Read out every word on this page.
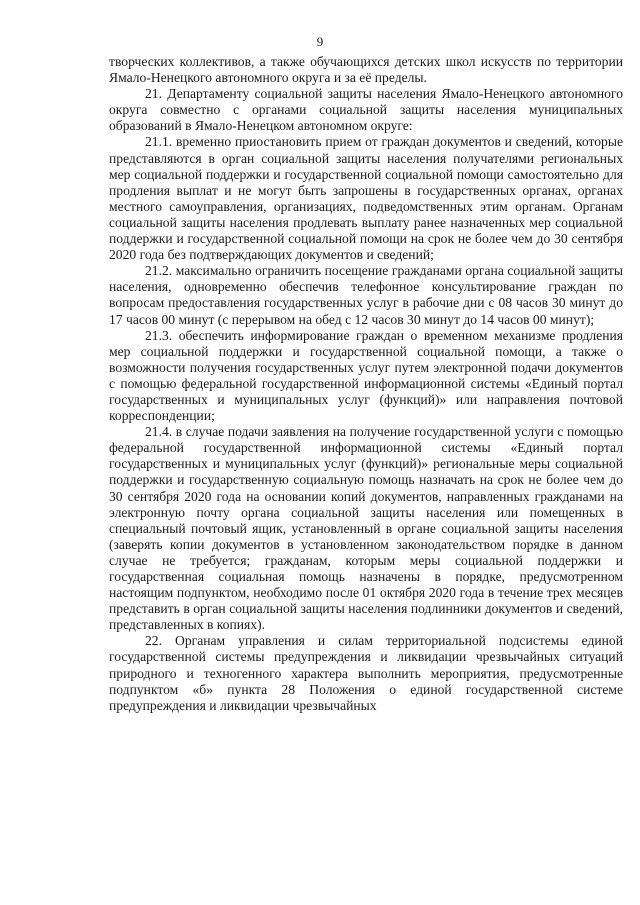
9

творческих коллективов, а также обучающихся детских школ искусств по территории Ямало-Ненецкого автономного округа и за её пределы.

21. Департаменту социальной защиты населения Ямало-Ненецкого автономного округа совместно с органами социальной защиты населения муниципальных образований в Ямало-Ненецком автономном округе:

21.1. временно приостановить прием от граждан документов и сведений, которые представляются в орган социальной защиты населения получателями региональных мер социальной поддержки и государственной социальной помощи самостоятельно для продления выплат и не могут быть запрошены в государственных органах, органах местного самоуправления, организациях, подведомственных этим органам. Органам социальной защиты населения продлевать выплату ранее назначенных мер социальной поддержки и государственной социальной помощи на срок не более чем до 30 сентября 2020 года без подтверждающих документов и сведений;

21.2. максимально ограничить посещение гражданами органа социальной защиты населения, одновременно обеспечив телефонное консультирование граждан по вопросам предоставления государственных услуг в рабочие дни с 08 часов 30 минут до 17 часов 00 минут (с перерывом на обед с 12 часов 30 минут до 14 часов 00 минут);

21.3. обеспечить информирование граждан о временном механизме продления мер социальной поддержки и государственной социальной помощи, а также о возможности получения государственных услуг путем электронной подачи документов с помощью федеральной государственной информационной системы «Единый портал государственных и муниципальных услуг (функций)» или направления почтовой корреспонденции;

21.4. в случае подачи заявления на получение государственной услуги с помощью федеральной государственной информационной системы «Единый портал государственных и муниципальных услуг (функций)» региональные меры социальной поддержки и государственную социальную помощь назначать на срок не более чем до 30 сентября 2020 года на основании копий документов, направленных гражданами на электронную почту органа социальной защиты населения или помещенных в специальный почтовый ящик, установленный в органе социальной защиты населения (заверять копии документов в установленном законодательством порядке в данном случае не требуется; гражданам, которым меры социальной поддержки и государственная социальная помощь назначены в порядке, предусмотренном настоящим подпунктом, необходимо после 01 октября 2020 года в течение трех месяцев представить в орган социальной защиты населения подлинники документов и сведений, представленных в копиях).

22. Органам управления и силам территориальной подсистемы единой государственной системы предупреждения и ликвидации чрезвычайных ситуаций природного и техногенного характера выполнить мероприятия, предусмотренные подпунктом «б» пункта 28 Положения о единой государственной системе предупреждения и ликвидации чрезвычайных
